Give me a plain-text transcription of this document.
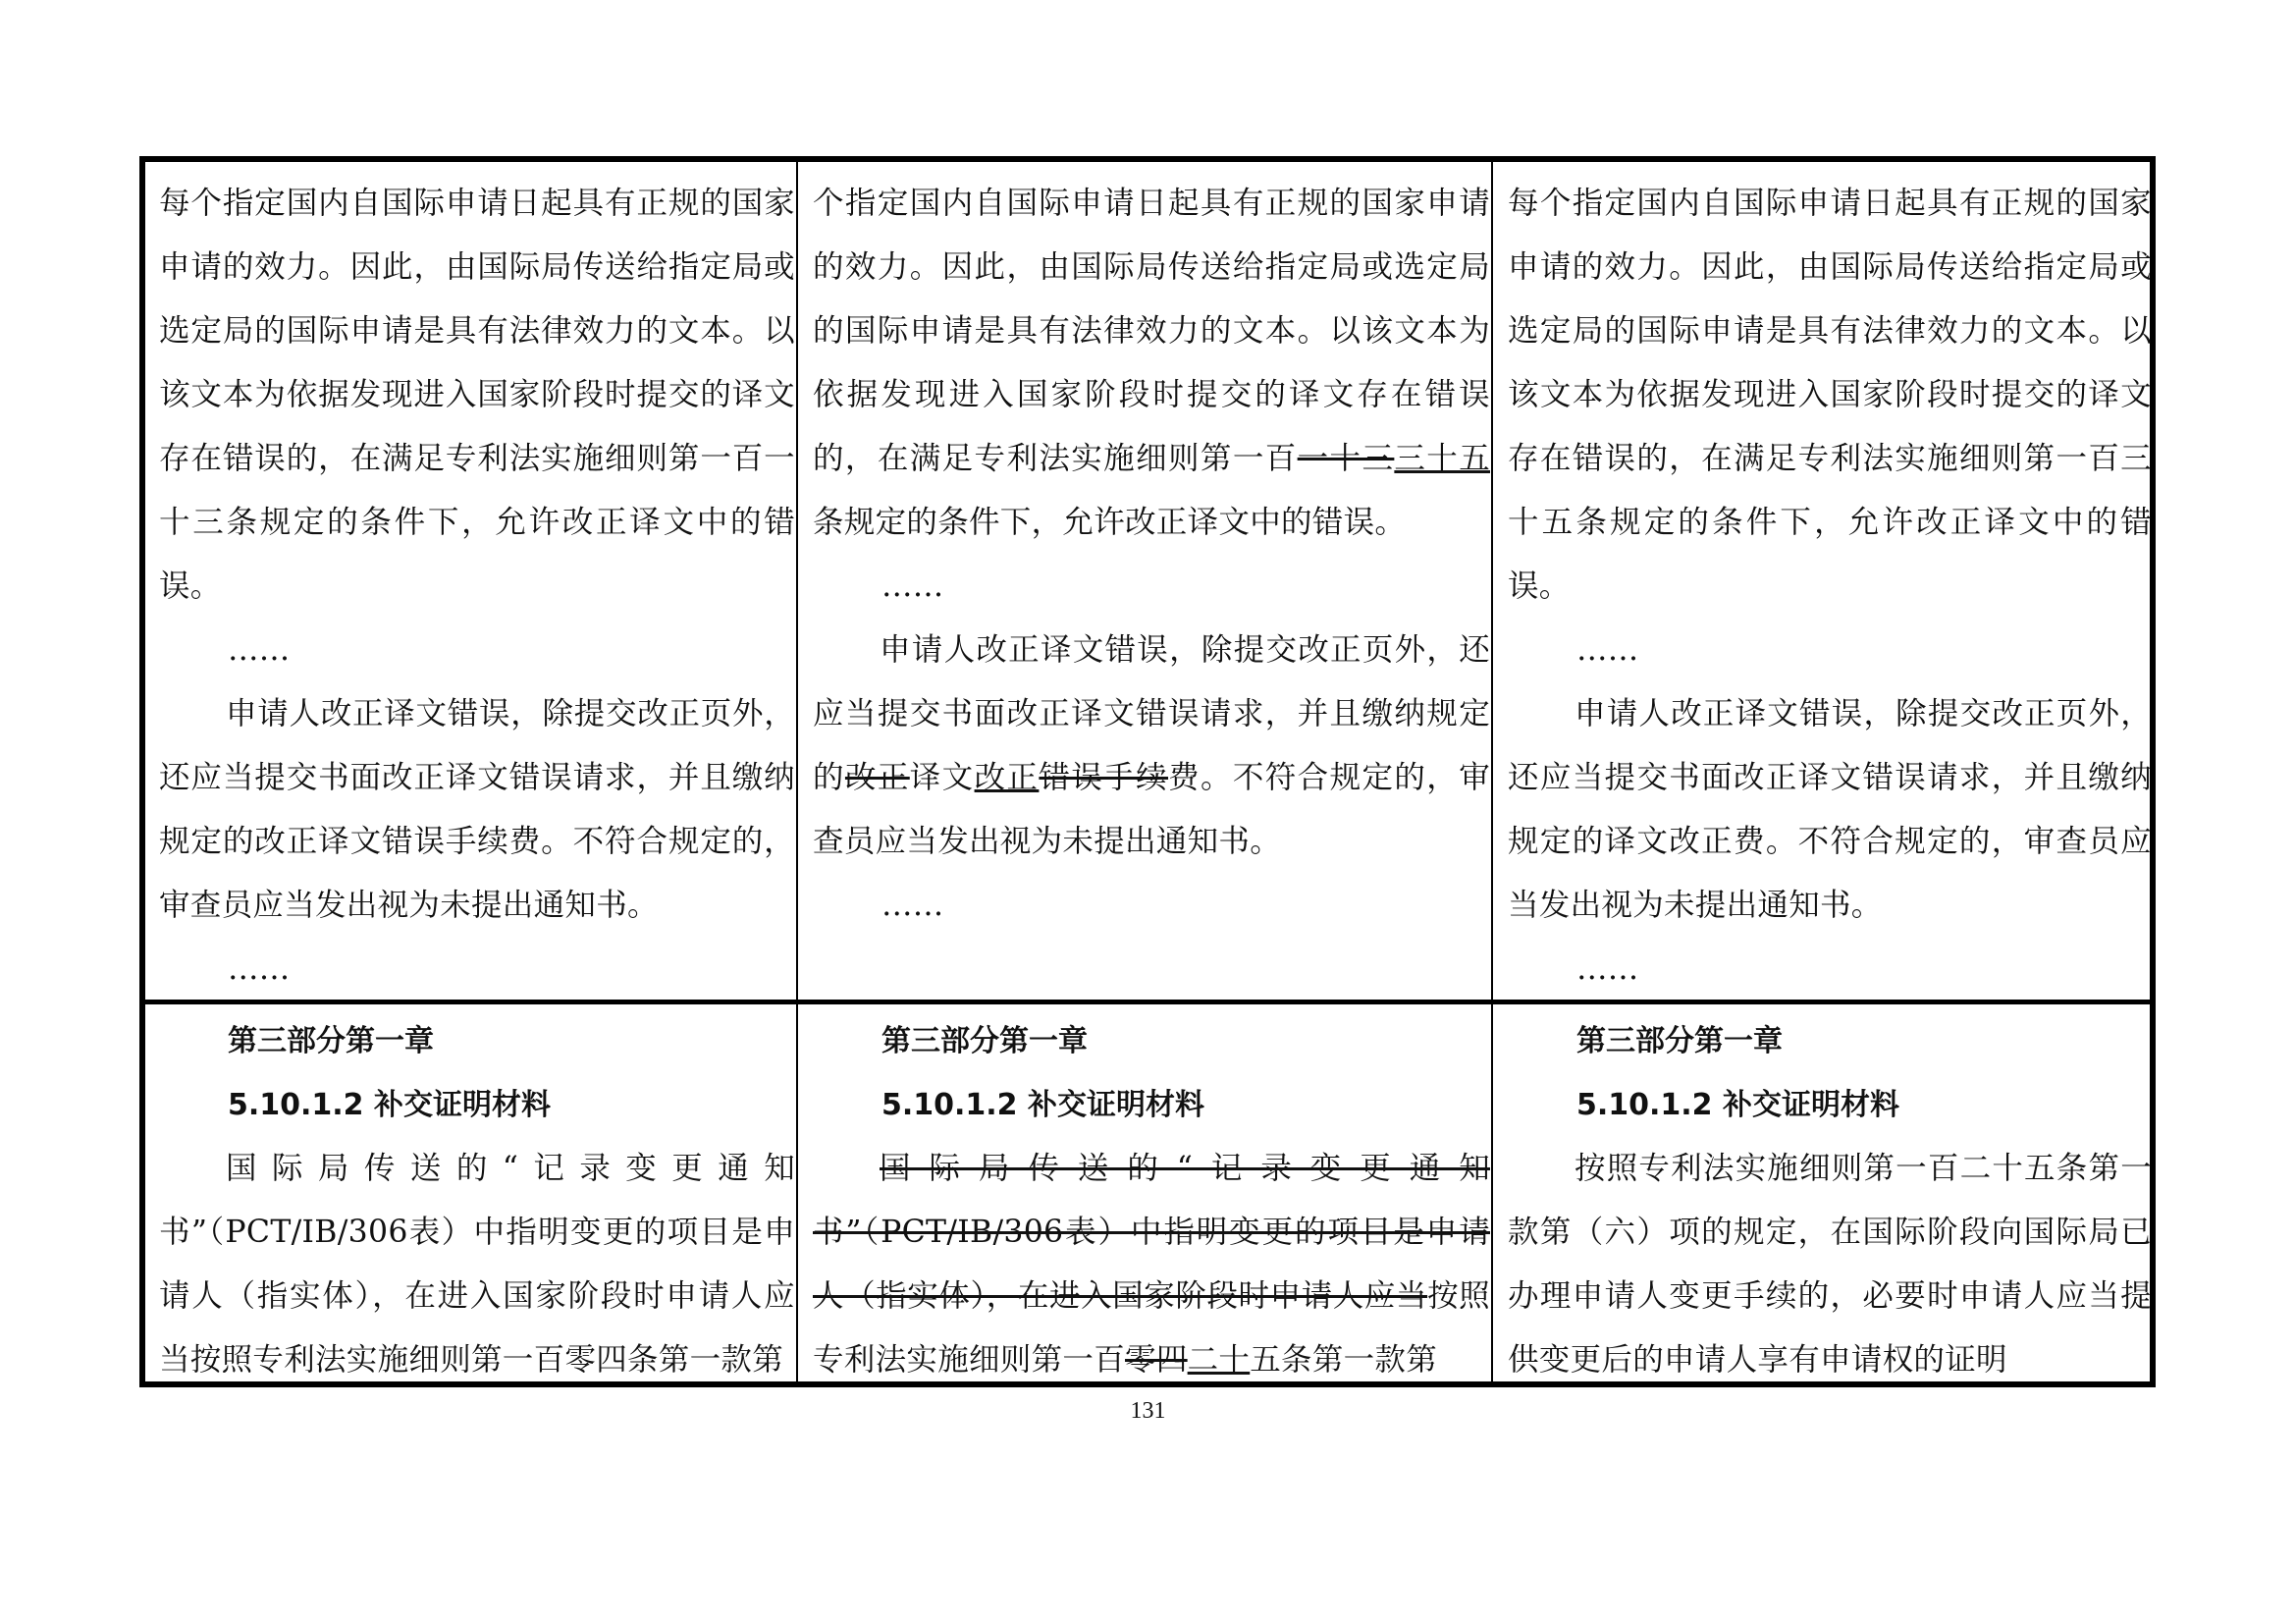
每个指定国内自国际申请日起具有正规的国家申请的效力。因此，由国际局传送给指定局或选定局的国际申请是具有法律效力的文本。以该文本为依据发现进入国家阶段时提交的译文存在错误的，在满足专利法实施细则第一百一十三条规定的条件下，允许改正译文中的错误。

……

申请人改正译文错误，除提交改正页外，还应当提交书面改正译文错误请求，并且缴纳规定的改正译文错误手续费。不符合规定的，审查员应当发出视为未提出通知书。

……

个指定国内自国际申请日起具有正规的国家申请的效力。因此，由国际局传送给指定局或选定局的国际申请是具有法律效力的文本。以该文本为依据发现进入国家阶段时提交的译文存在错误的，在满足专利法实施细则第一百一十三三十五条规定的条件下，允许改正译文中的错误。

……

申请人改正译文错误，除提交改正页外，还应当提交书面改正译文错误请求，并且缴纳规定的改正译文改正错误手续费。不符合规定的，审查员应当发出视为未提出通知书。

……

每个指定国内自国际申请日起具有正规的国家申请的效力。因此，由国际局传送给指定局或选定局的国际申请是具有法律效力的文本。以该文本为依据发现进入国家阶段时提交的译文存在错误的，在满足专利法实施细则第一百三十五条规定的条件下，允许改正译文中的错误。

……

申请人改正译文错误，除提交改正页外，还应当提交书面改正译文错误请求，并且缴纳规定的译文改正费。不符合规定的，审查员应当发出视为未提出通知书。

……

第三部分第一章

5.10.1.2 补交证明材料

国际局传送的“记录变更通知书”（PCT/IB/306表）中指明变更的项目是申请人（指实体），在进入国家阶段时申请人应当按照专利法实施细则第一百零四条第一款第

第三部分第一章

5.10.1.2 补交证明材料

国际局传送的“记录变更通知书”（PCT/IB/306表）中指明变更的项目是申请人（指实体），在进入国家阶段时申请人应当按照专利法实施细则第一百零四二十五条第一款第

第三部分第一章

5.10.1.2 补交证明材料

按照专利法实施细则第一百二十五条第一款第（六）项的规定，在国际阶段向国际局已办理申请人变更手续的，必要时申请人应当提供变更后的申请人享有申请权的证明

131
